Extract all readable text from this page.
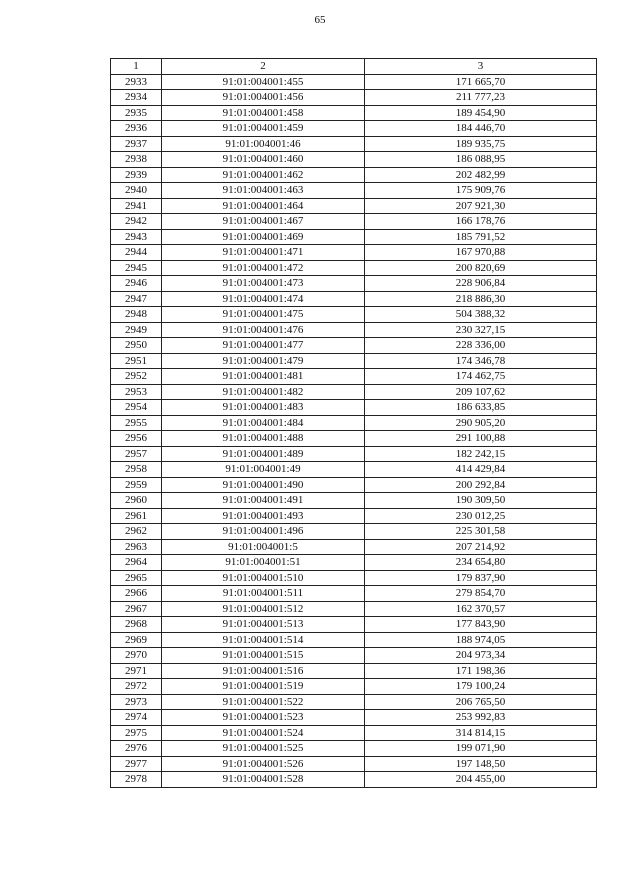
65
1	2	3
2933	91:01:004001:455	171 665,70
2934	91:01:004001:456	211 777,23
2935	91:01:004001:458	189 454,90
2936	91:01:004001:459	184 446,70
2937	91:01:004001:46	189 935,75
2938	91:01:004001:460	186 088,95
2939	91:01:004001:462	202 482,99
2940	91:01:004001:463	175 909,76
2941	91:01:004001:464	207 921,30
2942	91:01:004001:467	166 178,76
2943	91:01:004001:469	185 791,52
2944	91:01:004001:471	167 970,88
2945	91:01:004001:472	200 820,69
2946	91:01:004001:473	228 906,84
2947	91:01:004001:474	218 886,30
2948	91:01:004001:475	504 388,32
2949	91:01:004001:476	230 327,15
2950	91:01:004001:477	228 336,00
2951	91:01:004001:479	174 346,78
2952	91:01:004001:481	174 462,75
2953	91:01:004001:482	209 107,62
2954	91:01:004001:483	186 633,85
2955	91:01:004001:484	290 905,20
2956	91:01:004001:488	291 100,88
2957	91:01:004001:489	182 242,15
2958	91:01:004001:49	414 429,84
2959	91:01:004001:490	200 292,84
2960	91:01:004001:491	190 309,50
2961	91:01:004001:493	230 012,25
2962	91:01:004001:496	225 301,58
2963	91:01:004001:5	207 214,92
2964	91:01:004001:51	234 654,80
2965	91:01:004001:510	179 837,90
2966	91:01:004001:511	279 854,70
2967	91:01:004001:512	162 370,57
2968	91:01:004001:513	177 843,90
2969	91:01:004001:514	188 974,05
2970	91:01:004001:515	204 973,34
2971	91:01:004001:516	171 198,36
2972	91:01:004001:519	179 100,24
2973	91:01:004001:522	206 765,50
2974	91:01:004001:523	253 992,83
2975	91:01:004001:524	314 814,15
2976	91:01:004001:525	199 071,90
2977	91:01:004001:526	197 148,50
2978	91:01:004001:528	204 455,00
